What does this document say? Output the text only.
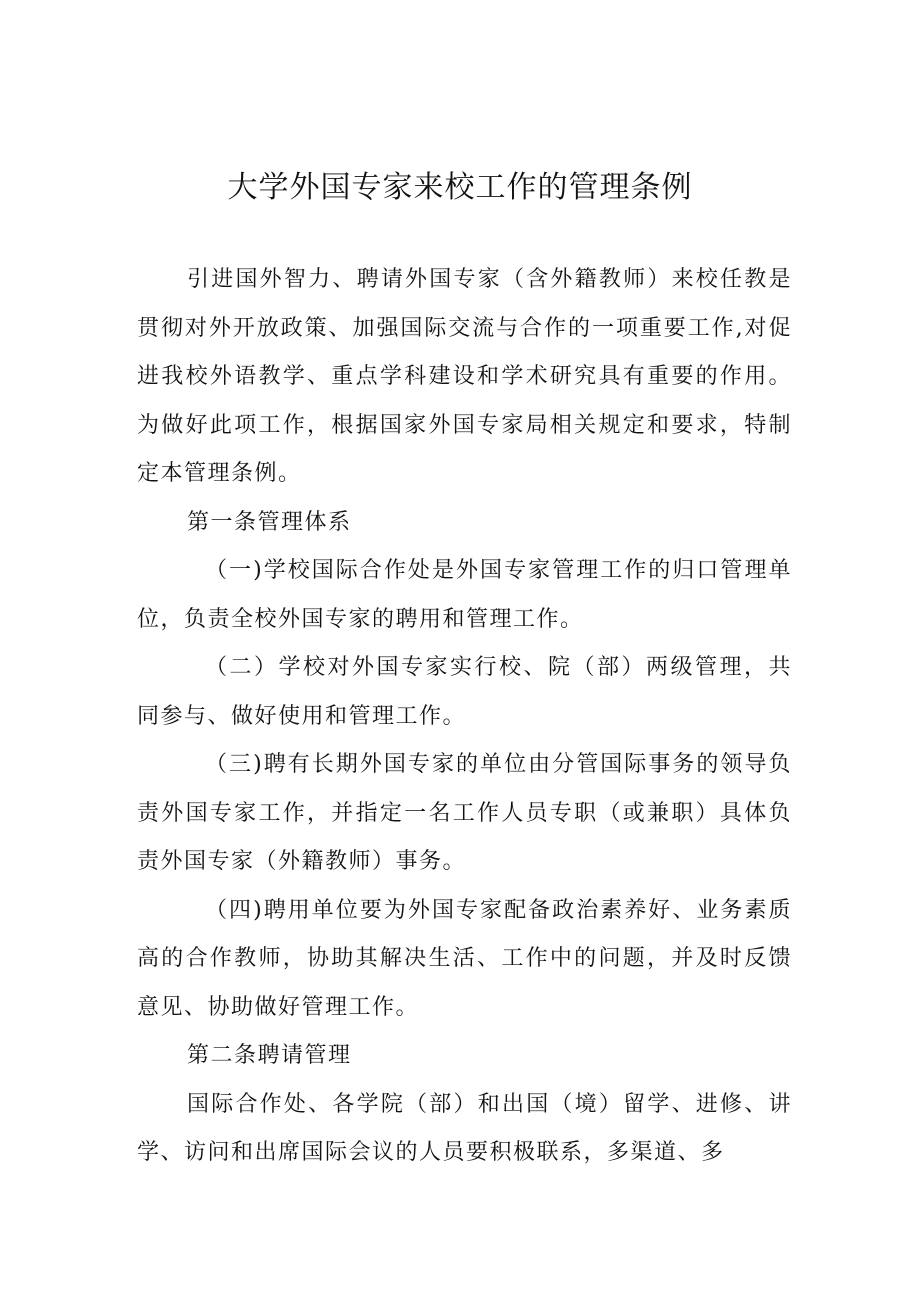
大学外国专家来校工作的管理条例

引进国外智力、聘请外国专家（含外籍教师）来校任教是贯彻对外开放政策、加强国际交流与合作的一项重要工作,对促进我校外语教学、重点学科建设和学术研究具有重要的作用。为做好此项工作，根据国家外国专家局相关规定和要求，特制定本管理条例。

第一条管理体系

（一)学校国际合作处是外国专家管理工作的归口管理单位，负责全校外国专家的聘用和管理工作。

（二）学校对外国专家实行校、院（部）两级管理，共同参与、做好使用和管理工作。

（三)聘有长期外国专家的单位由分管国际事务的领导负责外国专家工作，并指定一名工作人员专职（或兼职）具体负责外国专家（外籍教师）事务。

（四)聘用单位要为外国专家配备政治素养好、业务素质高的合作教师，协助其解决生活、工作中的问题，并及时反馈意见、协助做好管理工作。

第二条聘请管理

国际合作处、各学院（部）和出国（境）留学、进修、讲学、访问和出席国际会议的人员要积极联系，多渠道、多
